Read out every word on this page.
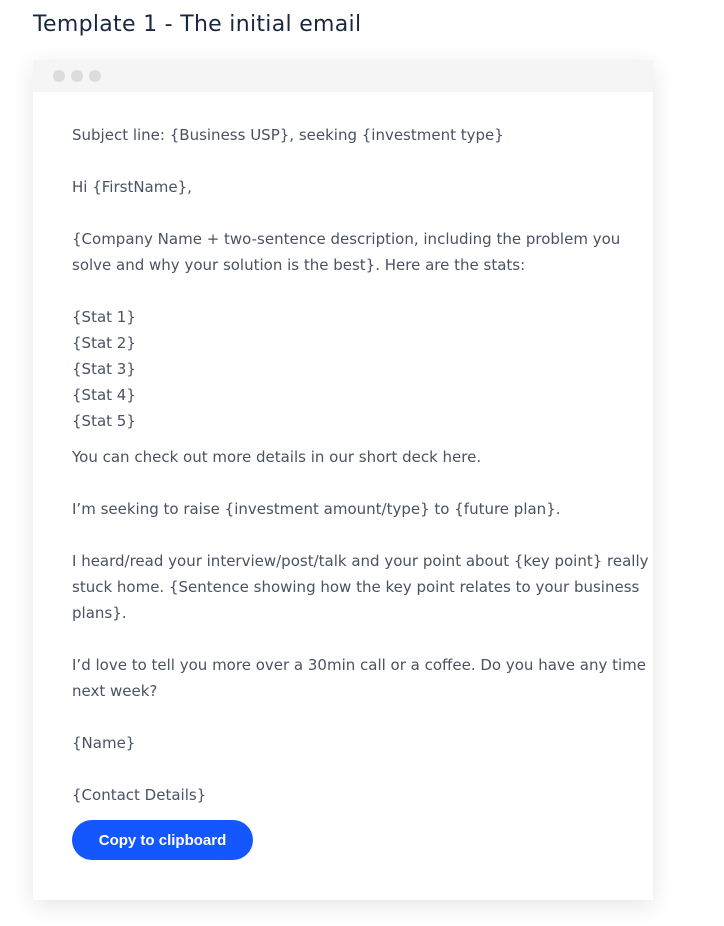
Template 1 - The initial email
Subject line: {Business USP}, seeking {investment type}
Hi {FirstName},
{Company Name + two-sentence description, including the problem you
solve and why your solution is the best}. Here are the stats:
{Stat 1}
{Stat 2}
{Stat 3}
{Stat 4}
{Stat 5}
You can check out more details in our short deck here.
I’m seeking to raise {investment amount/type} to {future plan}.
I heard/read your interview/post/talk and your point about {key point} really
stuck home. {Sentence showing how the key point relates to your business
plans}.
I’d love to tell you more over a 30min call or a coffee. Do you have any time
next week?
{Name}
{Contact Details}
Copy to clipboard
